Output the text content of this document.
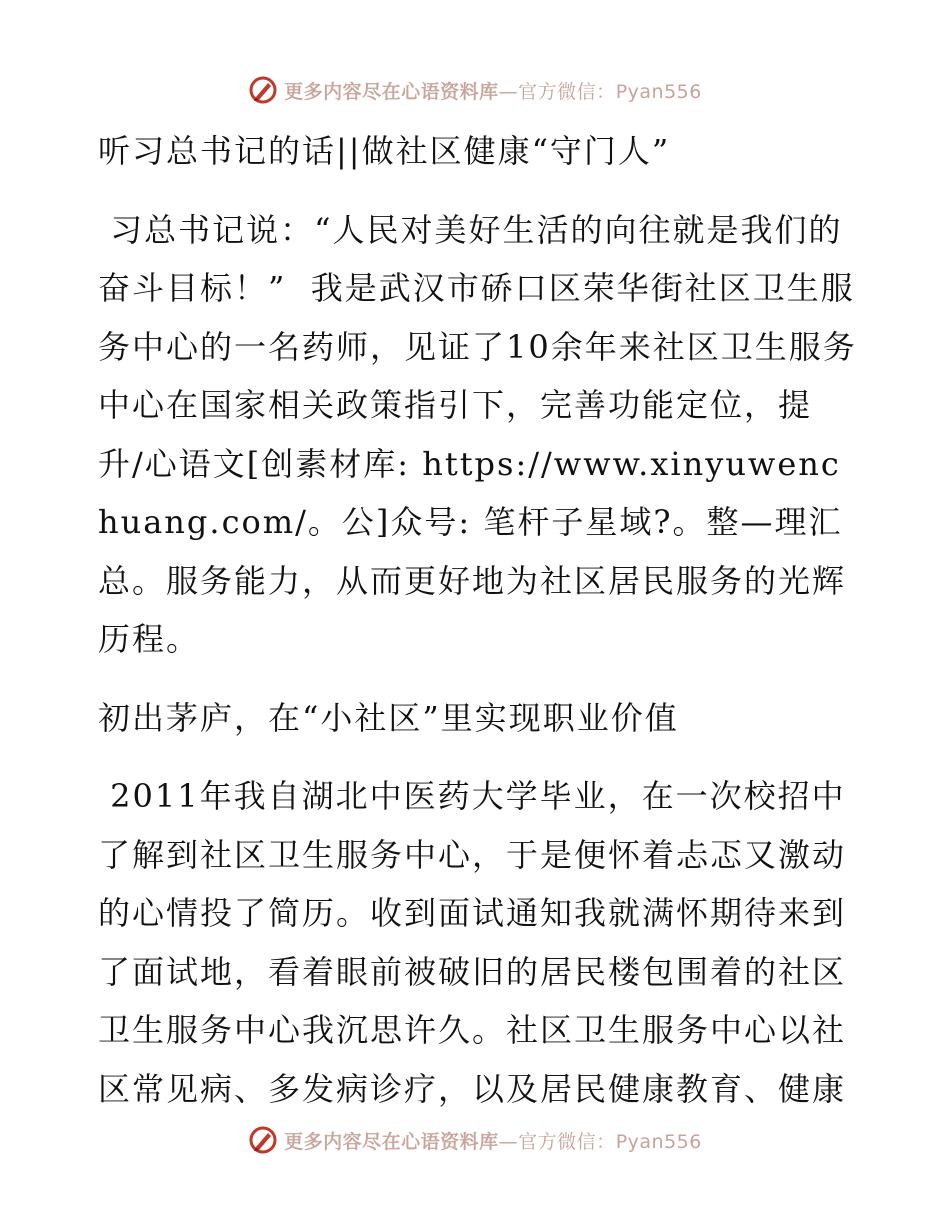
更多内容尽在心语资料库—官方微信：Pyan556

听习总书记的话||做社区健康“守门人”

习总书记说：“人民对美好生活的向往就是我们的奋斗目标！”  我是武汉市硚口区荣华街社区卫生服务中心的一名药师，见证了10余年来社区卫生服务中心在国家相关政策指引下，完善功能定位，提升/心语文[创素材库: https://www.xinyuwenchuang.com/。公]众号: 笔杆子星域?。整—理汇总。服务能力，从而更好地为社区居民服务的光辉历程。

初出茅庐，在“小社区”里实现职业价值

2011年我自湖北中医药大学毕业，在一次校招中了解到社区卫生服务中心，于是便怀着忐忑又激动的心情投了简历。收到面试通知我就满怀期待来到了面试地，看着眼前被破旧的居民楼包围着的社区卫生服务中心我沉思许久。社区卫生服务中心以社区常见病、多发病诊疗，以及居民健康教育、健康

更多内容尽在心语资料库—官方微信：Pyan556
